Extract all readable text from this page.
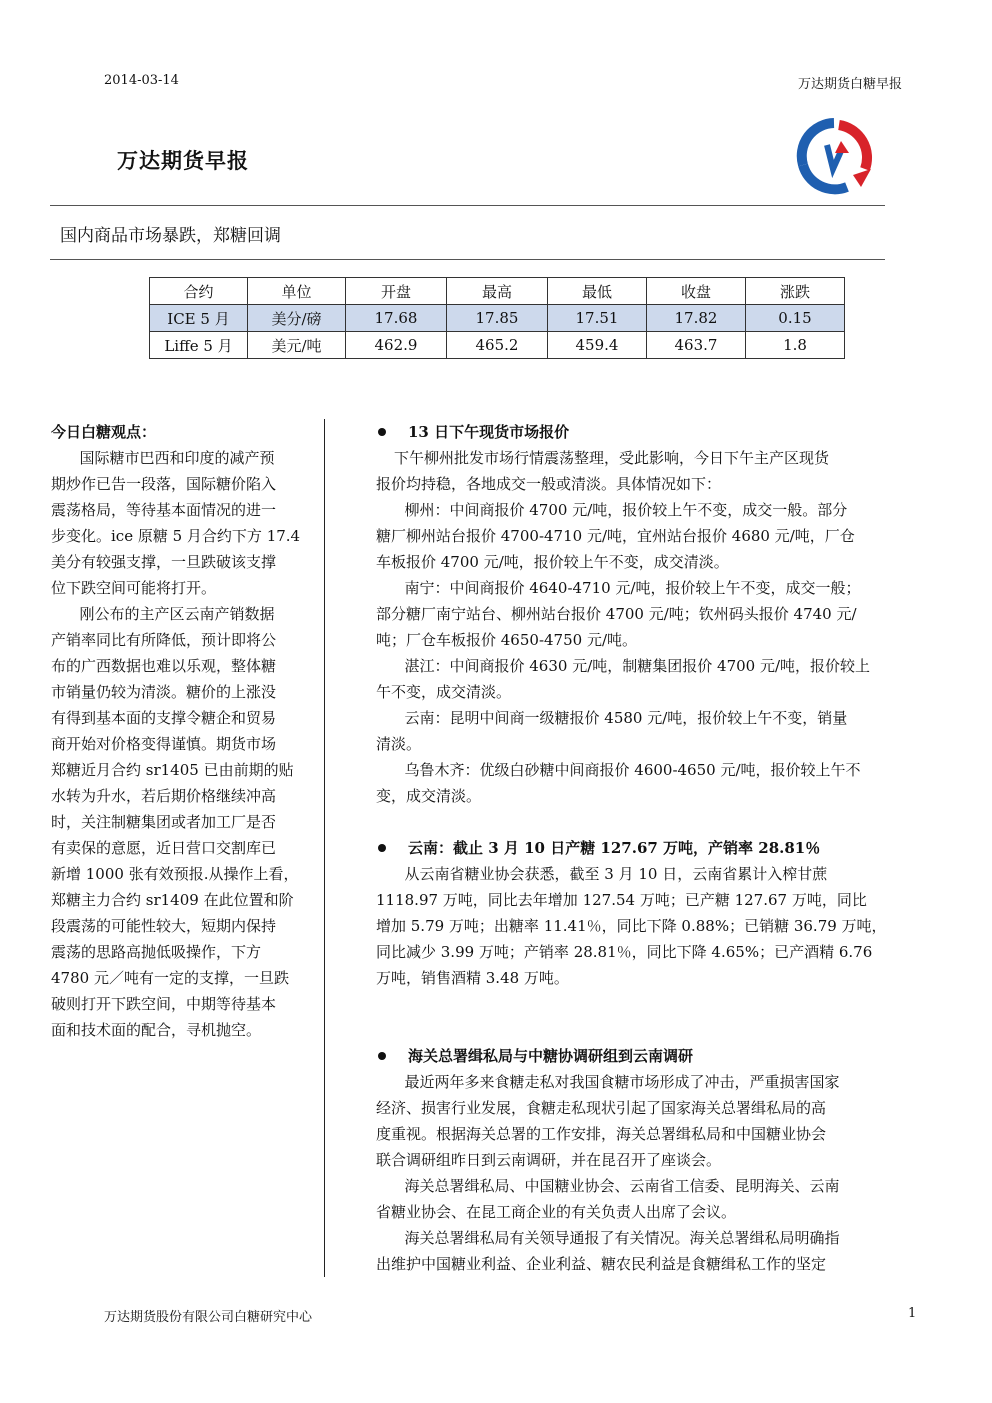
2014-03-14	万达期货白糖早报
万达期货早报
国内商品市场暴跌，郑糖回调
合约	单位	开盘	最高	最低	收盘	涨跌
ICE 5 月	美分/磅	17.68	17.85	17.51	17.82	0.15
Liffe 5 月	美元/吨	462.9	465.2	459.4	463.7	1.8

今日白糖观点：

国际糖市巴西和印度的减产预

期炒作已告一段落，国际糖价陷入

震荡格局，等待基本面情况的进一

步变化。ice 原糖 5 月合约下方 17.4

美分有较强支撑，一旦跌破该支撑

位下跌空间可能将打开。

刚公布的主产区云南产销数据

产销率同比有所降低，预计即将公

布的广西数据也难以乐观，整体糖

市销量仍较为清淡。糖价的上涨没

有得到基本面的支撑令糖企和贸易

商开始对价格变得谨慎。期货市场

郑糖近月合约 sr1405 已由前期的贴

水转为升水，若后期价格继续冲高

时，关注制糖集团或者加工厂是否

有卖保的意愿，近日营口交割库已

新增 1000 张有效预报.从操作上看，

郑糖主力合约 sr1409 在此位置和阶

段震荡的可能性较大，短期内保持

震荡的思路高抛低吸操作，下方

4780 元／吨有一定的支撑，一旦跌

破则打开下跌空间，中期等待基本

面和技术面的配合，寻机抛空。

13 日下午现货市场报价

下午柳州批发市场行情震荡整理，受此影响，今日下午主产区现货

报价均持稳，各地成交一般或清淡。具体情况如下：

柳州：中间商报价 4700 元/吨，报价较上午不变，成交一般。部分

糖厂柳州站台报价 4700-4710 元/吨，宜州站台报价 4680 元/吨，厂仓

车板报价 4700 元/吨，报价较上午不变，成交清淡。

南宁：中间商报价 4640-4710 元/吨，报价较上午不变，成交一般；

部分糖厂南宁站台、柳州站台报价 4700 元/吨；钦州码头报价 4740 元/

吨；厂仓车板报价 4650-4750 元/吨。

湛江：中间商报价 4630 元/吨，制糖集团报价 4700 元/吨，报价较上

午不变，成交清淡。

云南：昆明中间商一级糖报价 4580 元/吨，报价较上午不变，销量

清淡。

乌鲁木齐：优级白砂糖中间商报价 4600-4650 元/吨，报价较上午不

变，成交清淡。

云南：截止 3 月 10 日产糖 127.67 万吨，产销率 28.81％

从云南省糖业协会获悉，截至 3 月 10 日，云南省累计入榨甘蔗

1118.97 万吨，同比去年增加 127.54 万吨；已产糖 127.67 万吨，同比

增加 5.79 万吨；出糖率 11.41％，同比下降 0.88%；已销糖 36.79 万吨，

同比减少 3.99 万吨；产销率 28.81％，同比下降 4.65%；已产酒精 6.76

万吨，销售酒精 3.48 万吨。

海关总署缉私局与中糖协调研组到云南调研

最近两年多来食糖走私对我国食糖市场形成了冲击，严重损害国家

经济、损害行业发展，食糖走私现状引起了国家海关总署缉私局的高

度重视。根据海关总署的工作安排，海关总署缉私局和中国糖业协会

联合调研组昨日到云南调研，并在昆召开了座谈会。

海关总署缉私局、中国糖业协会、云南省工信委、昆明海关、云南

省糖业协会、在昆工商企业的有关负责人出席了会议。

海关总署缉私局有关领导通报了有关情况。海关总署缉私局明确指

出维护中国糖业利益、企业利益、糖农民利益是食糖缉私工作的坚定

万达期货股份有限公司白糖研究中心	1
